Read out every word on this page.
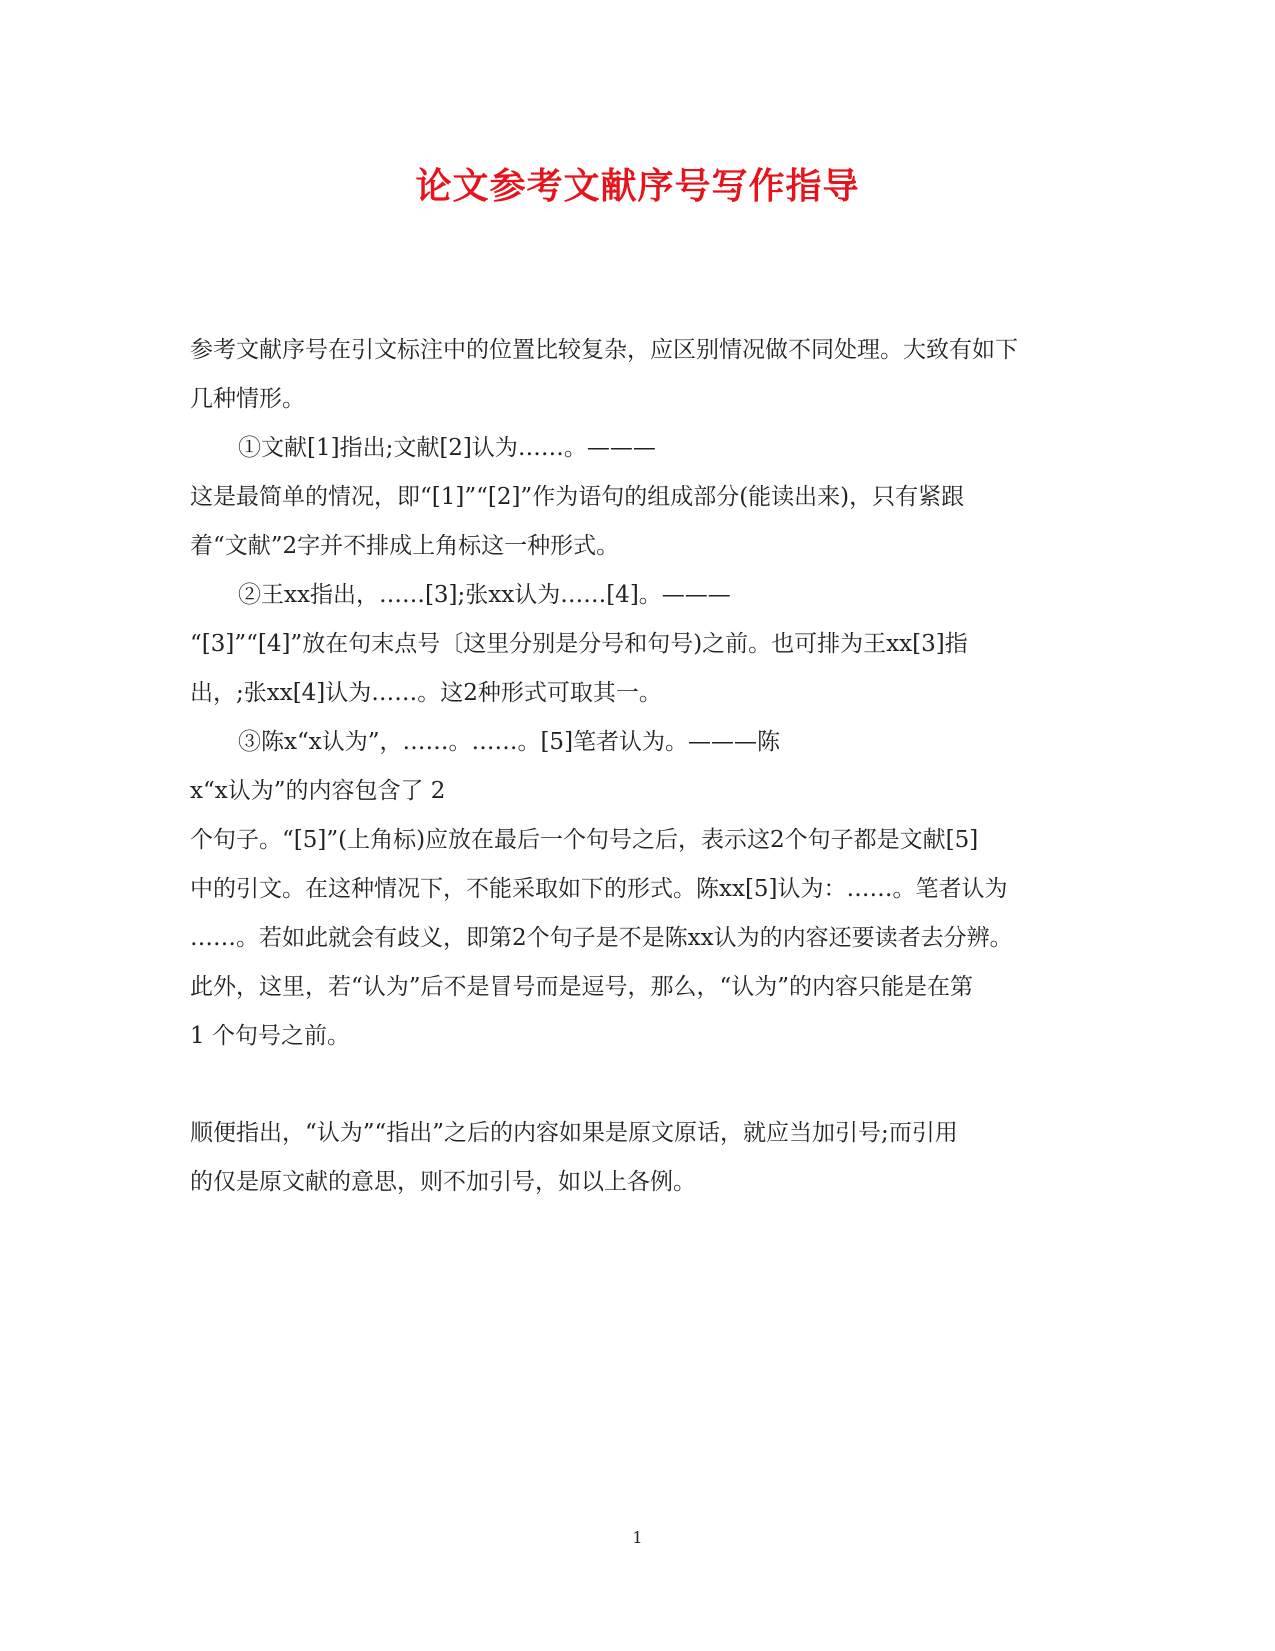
论文参考文献序号写作指导
参考文献序号在引文标注中的位置比较复杂，应区别情况做不同处理。大致有如下
几种情形。
①文献[1]指出;文献[2]认为……。———
这是最简单的情况，即“[1]”“[2]”作为语句的组成部分(能读出来)，只有紧跟
着“文献”2字并不排成上角标这一种形式。
②王xx指出，……[3];张xx认为……[4]。———
“[3]”“[4]”放在句末点号〔这里分别是分号和句号)之前。也可排为王xx[3]指
出，;张xx[4]认为……。这2种形式可取其一。
③陈x“x认为”，……。……。[5]笔者认为。———陈
x“x认为”的内容包含了 2
个句子。“[5]”(上角标)应放在最后一个句号之后，表示这2个句子都是文献[5]
中的引文。在这种情况下，不能采取如下的形式。陈xx[5]认为：……。笔者认为
……。若如此就会有歧义，即第2个句子是不是陈xx认为的内容还要读者去分辨。
此外，这里，若“认为”后不是冒号而是逗号，那么，“认为”的内容只能是在第
1 个句号之前。
顺便指出，“认为”“指出”之后的内容如果是原文原话，就应当加引号;而引用
的仅是原文献的意思，则不加引号，如以上各例。
1
